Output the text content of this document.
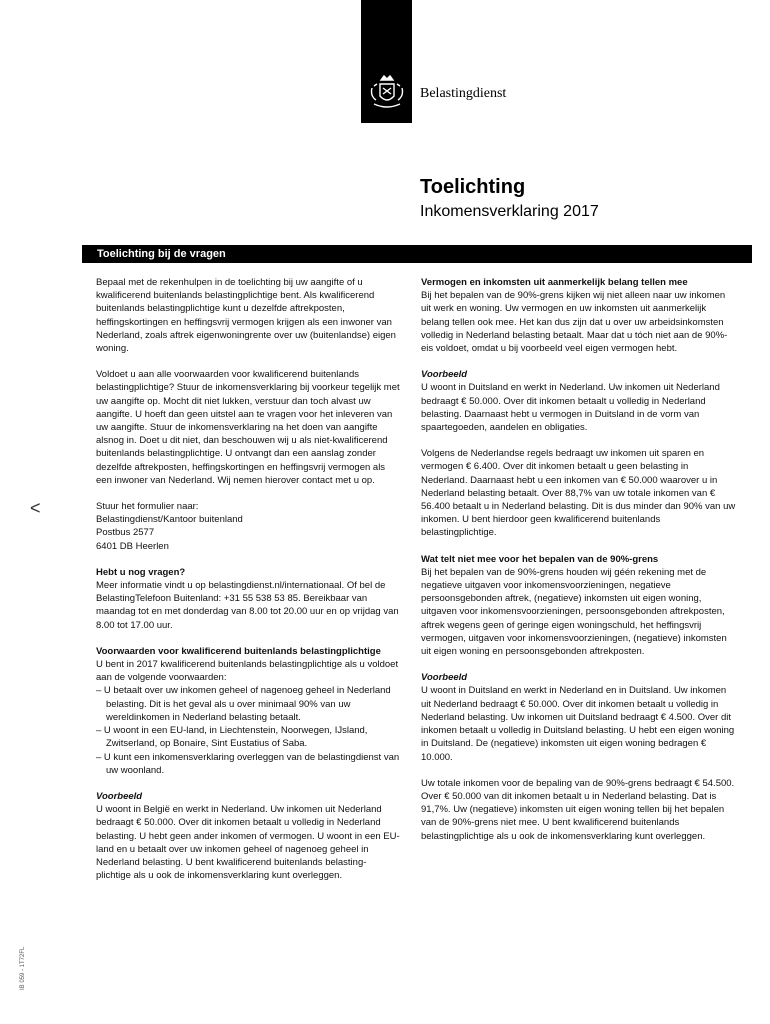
Belastingdienst
Toelichting
Inkomensverklaring 2017
Toelichting bij de vragen
<

Bepaal met de rekenhulpen in de toelichting bij uw aangifte of u kwalificerend buitenlands belastingplichtige bent. Als kwalificerend buitenlands belastingplichtige kunt u dezelfde aftrekposten, heffingskortingen en heffingsvrij vermogen krijgen als een inwoner van Nederland, zoals aftrek eigenwoningrente over uw (buitenlandse) eigen woning.

Voldoet u aan alle voorwaarden voor kwalificerend buitenlands belastingplichtige? Stuur de inkomensverklaring bij voorkeur tegelijk met uw aangifte op. Mocht dit niet lukken, verstuur dan toch alvast uw aangifte. U hoeft dan geen uitstel aan te vragen voor het inleveren van uw aangifte. Stuur de inkomensverklaring na het doen van aangifte alsnog in. Doet u dit niet, dan beschouwen wij u als niet-kwalificerend buitenlands belastingplichtige. U ontvangt dan een aanslag zonder dezelfde aftrekposten, heffingskortingen en heffingsvrij vermogen als een inwoner van Nederland. Wij nemen hierover contact met u op.

Stuur het formulier naar:
Belastingdienst/Kantoor buitenland
Postbus 2577
6401 DB Heerlen

Hebt u nog vragen?

Meer informatie vindt u op belastingdienst.nl/internationaal. Of bel de BelastingTelefoon Buitenland: +31 55 538 53 85. Bereikbaar van maandag tot en met donderdag van 8.00 tot 20.00 uur en op vrijdag van 8.00 tot 17.00 uur.

Voorwaarden voor kwalificerend buitenlands belastingplichtige
U bent in 2017 kwalificerend buitenlands belastingplichtige als u voldoet aan de volgende voorwaarden:
– U betaalt over uw inkomen geheel of nagenoeg geheel in Nederland belasting. Dit is het geval als u over minimaal 90% van uw wereldinkomen in Nederland belasting betaalt.
– U woont in een EU-land, in Liechtenstein, Noorwegen, IJsland, Zwitserland, op Bonaire, Sint Eustatius of Saba.
– U kunt een inkomensverklaring overleggen van de belastingdienst van uw woonland.
Voorbeeld

U woont in België en werkt in Nederland. Uw inkomen uit Nederland bedraagt € 50.000. Over dit inkomen betaalt u volledig in Nederland belasting. U hebt geen ander inkomen of vermogen. U woont in een EU-land en u betaalt over uw inkomen geheel of nagenoeg geheel in Nederland belasting. U bent kwalificerend buitenlands belasting-plichtige als u ook de inkomensverklaring kunt overleggen.

Vermogen en inkomsten uit aanmerkelijk belang tellen mee

Bij het bepalen van de 90%-grens kijken wij niet alleen naar uw inkomen uit werk en woning. Uw vermogen en uw inkomsten uit aanmerkelijk belang tellen ook mee. Het kan dus zijn dat u over uw arbeidsinkomsten volledig in Nederland belasting betaalt. Maar dat u tóch niet aan de 90%-eis voldoet, omdat u bij voorbeeld veel eigen vermogen hebt.

Voorbeeld

U woont in Duitsland en werkt in Nederland. Uw inkomen uit Nederland bedraagt € 50.000. Over dit inkomen betaalt u volledig in Nederland belasting. Daarnaast hebt u vermogen in Duitsland in de vorm van spaartegoeden, aandelen en obligaties.

Volgens de Nederlandse regels bedraagt uw inkomen uit sparen en vermogen € 6.400. Over dit inkomen betaalt u geen belasting in Nederland. Daarnaast hebt u een inkomen van € 50.000 waarover u in Nederland belasting betaalt. Over 88,7% van uw totale inkomen van € 56.400 betaalt u in Nederland belasting. Dit is dus minder dan 90% van uw inkomen. U bent hierdoor geen kwalificerend buitenlands belastingplichtige.

Wat telt niet mee voor het bepalen van de 90%-grens

Bij het bepalen van de 90%-grens houden wij géén rekening met de negatieve uitgaven voor inkomensvoorzieningen, negatieve persoonsgebonden aftrek, (negatieve) inkomsten uit eigen woning, uitgaven voor inkomensvoorzieningen, persoonsgebonden aftrekposten, aftrek wegens geen of geringe eigen woningschuld, het heffingsvrij vermogen, uitgaven voor inkomensvoorzieningen, (negatieve) inkomsten uit eigen woning en persoonsgebonden aftrekposten.

Voorbeeld

U woont in Duitsland en werkt in Nederland en in Duitsland. Uw inkomen uit Nederland bedraagt € 50.000. Over dit inkomen betaalt u volledig in Nederland belasting. Uw inkomen uit Duitsland bedraagt € 4.500. Over dit inkomen betaalt u volledig in Duitsland belasting. U hebt een eigen woning in Duitsland. De (negatieve) inkomsten uit eigen woning bedragen € 10.000.

Uw totale inkomen voor de bepaling van de 90%-grens bedraagt € 54.500. Over € 50.000 van dit inkomen betaalt u in Nederland belasting. Dat is 91,7%. Uw (negatieve) inkomsten uit eigen woning tellen bij het bepalen van de 90%-grens niet mee. U bent kwalificerend buitenlands belastingplichtige als u ook de inkomensverklaring kunt overleggen.

IB 059 - 1T72FL
